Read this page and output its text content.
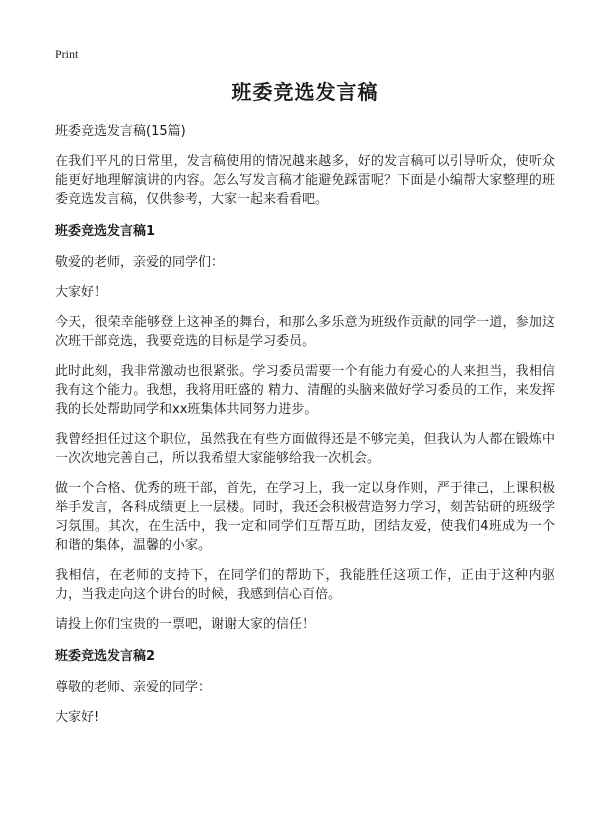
Print
班委竞选发言稿
班委竞选发言稿(15篇)

在我们平凡的日常里，发言稿使用的情况越来越多，好的发言稿可以引导听众，使听众能更好地理解演讲的内容。怎么写发言稿才能避免踩雷呢？下面是小编帮大家整理的班委竞选发言稿，仅供参考，大家一起来看看吧。

班委竞选发言稿1

敬爱的老师，亲爱的同学们：

大家好！

今天，很荣幸能够登上这神圣的舞台，和那么多乐意为班级作贡献的同学一道，参加这次班干部竞选，我要竞选的目标是学习委员。

此时此刻，我非常激动也很紧张。学习委员需要一个有能力有爱心的人来担当，我相信我有这个能力。我想，我将用旺盛的 精力、清醒的头脑来做好学习委员的工作，来发挥我的长处帮助同学和xx班集体共同努力进步。

我曾经担任过这个职位，虽然我在有些方面做得还是不够完美，但我认为人都在锻炼中一次次地完善自己，所以我希望大家能够给我一次机会。

做一个合格、优秀的班干部，首先，在学习上，我一定以身作则，严于律己，上课积极举手发言，各科成绩更上一层楼。同时，我还会积极营造努力学习，刻苦钻研的班级学习氛围。其次，在生活中，我一定和同学们互帮互助，团结友爱，使我们4班成为一个和谐的集体，温馨的小家。

我相信，在老师的支持下，在同学们的帮助下，我能胜任这项工作，正由于这种内驱力，当我走向这个讲台的时候，我感到信心百倍。

请投上你们宝贵的一票吧，谢谢大家的信任！

班委竞选发言稿2

尊敬的老师、亲爱的同学：

大家好!
